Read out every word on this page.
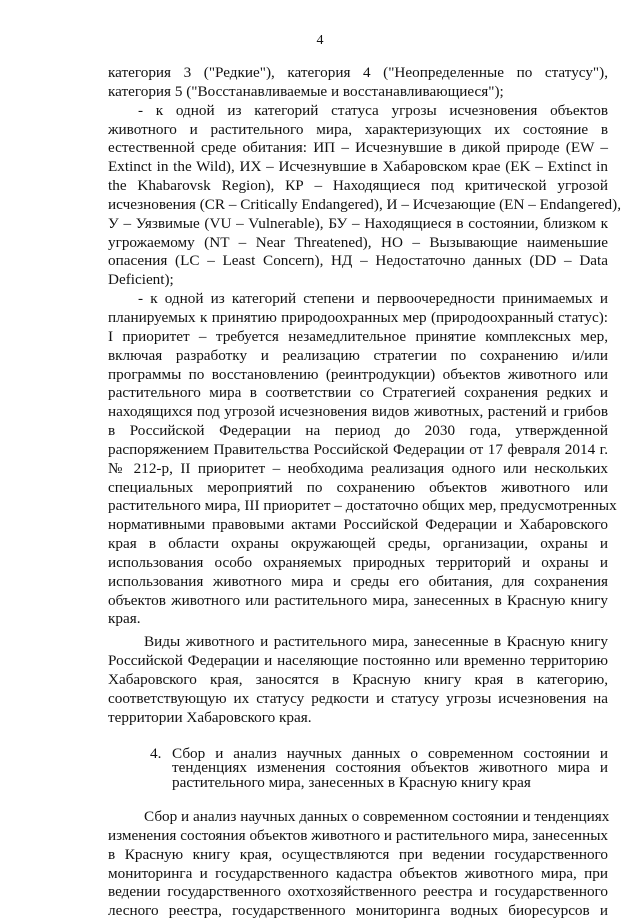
4
категория 3 ("Редкие"), категория 4 ("Неопределенные по статусу"),
категория 5 ("Восстанавливаемые и восстанавливающиеся");
- к одной из категорий статуса угрозы исчезновения объектов
животного и растительного мира, характеризующих их состояние в
естественной среде обитания: ИП – Исчезнувшие в дикой природе (EW –
Extinct in the Wild), ИХ – Исчезнувшие в Хабаровском крае (EK – Extinct in
the Khabarovsk Region), КР – Находящиеся под критической угрозой
исчезновения (CR – Critically Endangered), И – Исчезающие (EN – Endangered),
У – Уязвимые (VU – Vulnerable), БУ – Находящиеся в состоянии, близком к
угрожаемому (NT – Near Threatened), НО – Вызывающие наименьшие
опасения (LC – Least Concern), НД – Недостаточно данных (DD – Data
Deficient);
- к одной из категорий степени и первоочередности принимаемых и
планируемых к принятию природоохранных мер (природоохранный статус):
I приоритет – требуется незамедлительное принятие комплексных мер,
включая разработку и реализацию стратегии по сохранению и/или
программы по восстановлению (реинтродукции) объектов животного или
растительного мира в соответствии со Стратегией сохранения редких и
находящихся под угрозой исчезновения видов животных, растений и грибов
в Российской Федерации на период до 2030 года, утвержденной
распоряжением Правительства Российской Федерации от 17 февраля 2014 г.
№ 212-р, II приоритет – необходима реализация одного или нескольких
специальных мероприятий по сохранению объектов животного или
растительного мира, III приоритет – достаточно общих мер, предусмотренных
нормативными правовыми актами Российской Федерации и Хабаровского
края в области охраны окружающей среды, организации, охраны и
использования особо охраняемых природных территорий и охраны и
использования животного мира и среды его обитания, для сохранения
объектов животного или растительного мира, занесенных в Красную книгу
края.
Виды животного и растительного мира, занесенные в Красную книгу
Российской Федерации и населяющие постоянно или временно территорию
Хабаровского края, заносятся в Красную книгу края в категорию,
соответствующую их статусу редкости и статусу угрозы исчезновения на
территории Хабаровского края.
4. Сбор и анализ научных данных о современном состоянии и
тенденциях изменения состояния объектов животного мира и
растительного мира, занесенных в Красную книгу края
Сбор и анализ научных данных о современном состоянии и тенденциях
изменения состояния объектов животного и растительного мира, занесенных
в Красную книгу края, осуществляются при ведении государственного
мониторинга и государственного кадастра объектов животного мира, при
ведении государственного охотхозяйственного реестра и государственного
лесного реестра, государственного мониторинга водных биоресурсов и
